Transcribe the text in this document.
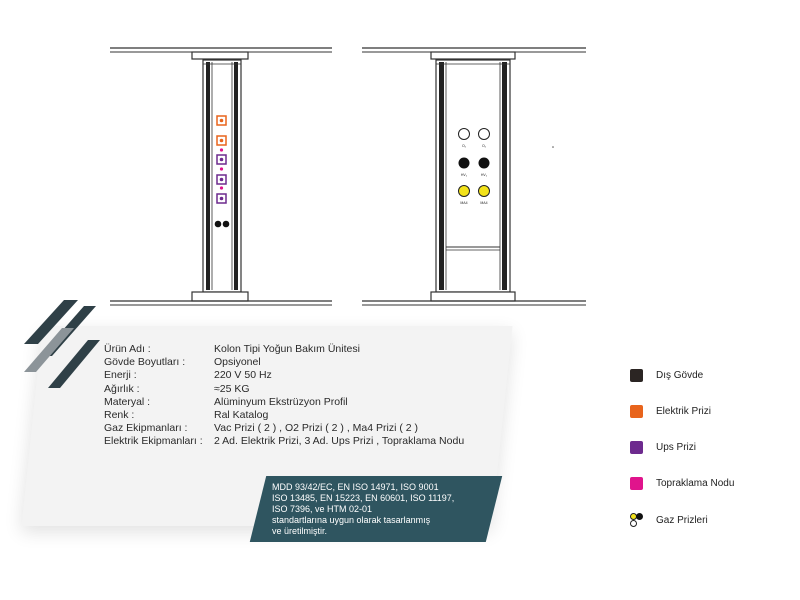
O₂	O₂
HV₂	HV₂
MA4	MA4
Ürün Adı :	Kolon Tipi Yoğun Bakım Ünitesi
Gövde Boyutları :	Opsiyonel
Enerji :	220 V 50 Hz
Ağırlık :	≈25 KG
Materyal :	Alüminyum Ekstrüzyon Profil
Renk :	Ral Katalog
Gaz Ekipmanları :	Vac Prizi ( 2 ) , O2 Prizi ( 2 ) , Ma4 Prizi ( 2 )
Elektrik Ekipmanları :	2 Ad. Elektrik Prizi, 3 Ad. Ups Prizi , Topraklama Nodu
MDD 93/42/EC, EN ISO 14971, ISO 9001
ISO 13485, EN 15223, EN 60601, ISO 11197,
ISO 7396, ve HTM 02-01
standartlarına uygun olarak tasarlanmış
ve üretilmiştir.
Dış Gövde
Elektrik Prizi
Ups Prizi
Topraklama Nodu
Gaz Prizleri
